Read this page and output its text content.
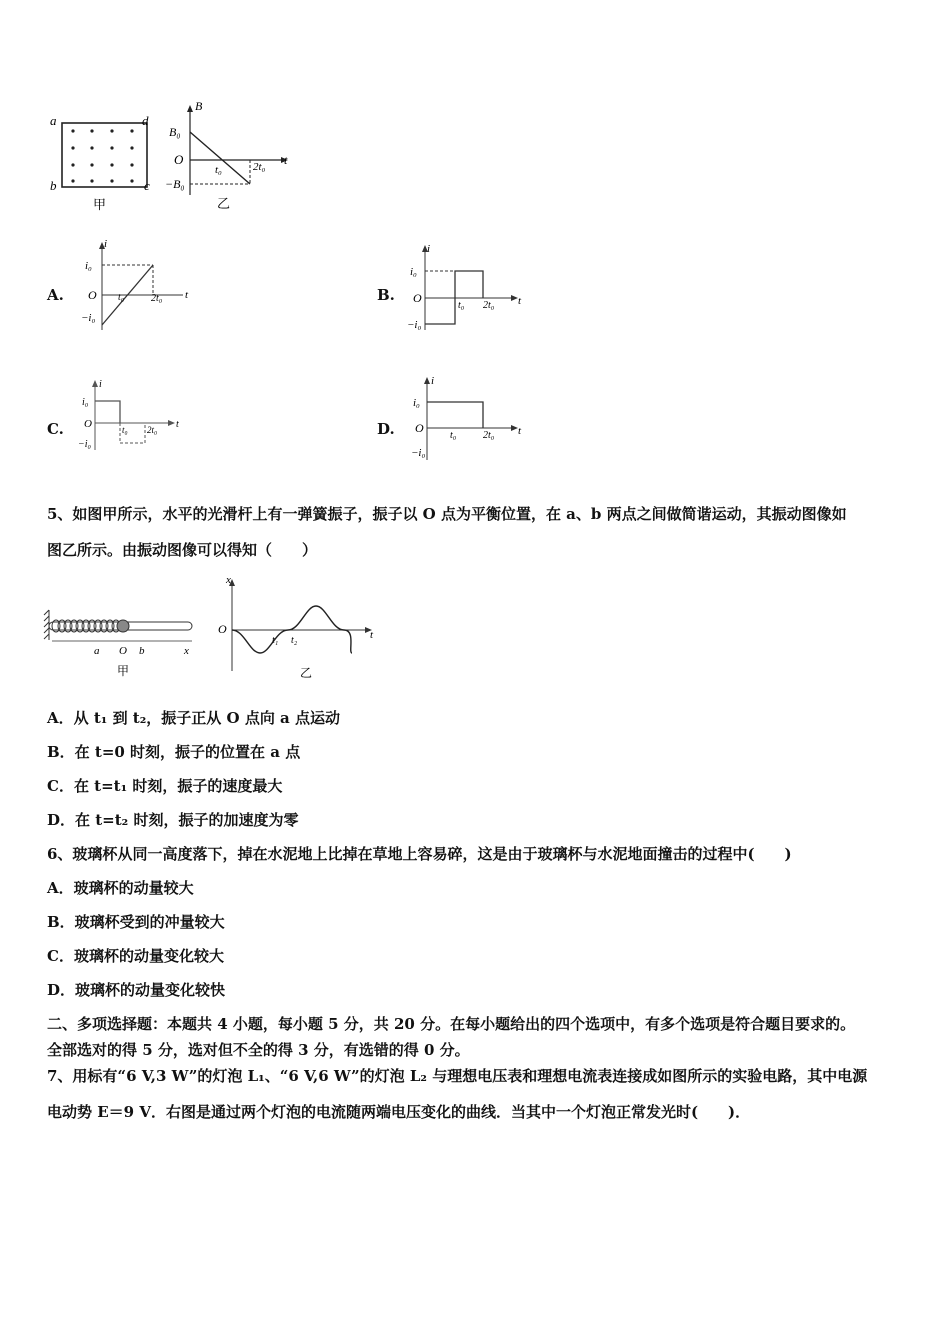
a	d
b	c
甲
B
B₀
O
−B₀
t₀	2t₀ t
乙
A.
i
i₀
O
−i₀
t₀	2t₀ t	B.
i
i₀
O
−i₀
t₀ 2t₀ t
C.
i
i₀
O
−i₀
t₀ 2t₀ t	D.
i
i₀
O
−i₀
t₀	2t₀ t
5、如图甲所示，水平的光滑杆上有一弹簧振子，振子以 O 点为平衡位置，在 a、b 两点之间做简谐运动，其振动图像如
图乙所示。由振动图像可以得知（　　）
a O b	x
甲
x
O
t₁ t₂	t
乙
A．从 t₁ 到 t₂，振子正从 O 点向 a 点运动
B．在 t=0 时刻，振子的位置在 a 点
C．在 t=t₁ 时刻，振子的速度最大
D．在 t=t₂ 时刻，振子的加速度为零
6、玻璃杯从同一高度落下，掉在水泥地上比掉在草地上容易碎，这是由于玻璃杯与水泥地面撞击的过程中(　　)
A．玻璃杯的动量较大
B．玻璃杯受到的冲量较大
C．玻璃杯的动量变化较大
D．玻璃杯的动量变化较快
二、多项选择题：本题共 4 小题，每小题 5 分，共 20 分。在每小题给出的四个选项中，有多个选项是符合题目要求的。
全部选对的得 5 分，选对但不全的得 3 分，有选错的得 0 分。
7、用标有“6 V,3 W”的灯泡 L₁、“6 V,6 W”的灯泡 L₂ 与理想电压表和理想电流表连接成如图所示的实验电路，其中电源
电动势 E＝9 V．右图是通过两个灯泡的电流随两端电压变化的曲线．当其中一个灯泡正常发光时(　　)．
